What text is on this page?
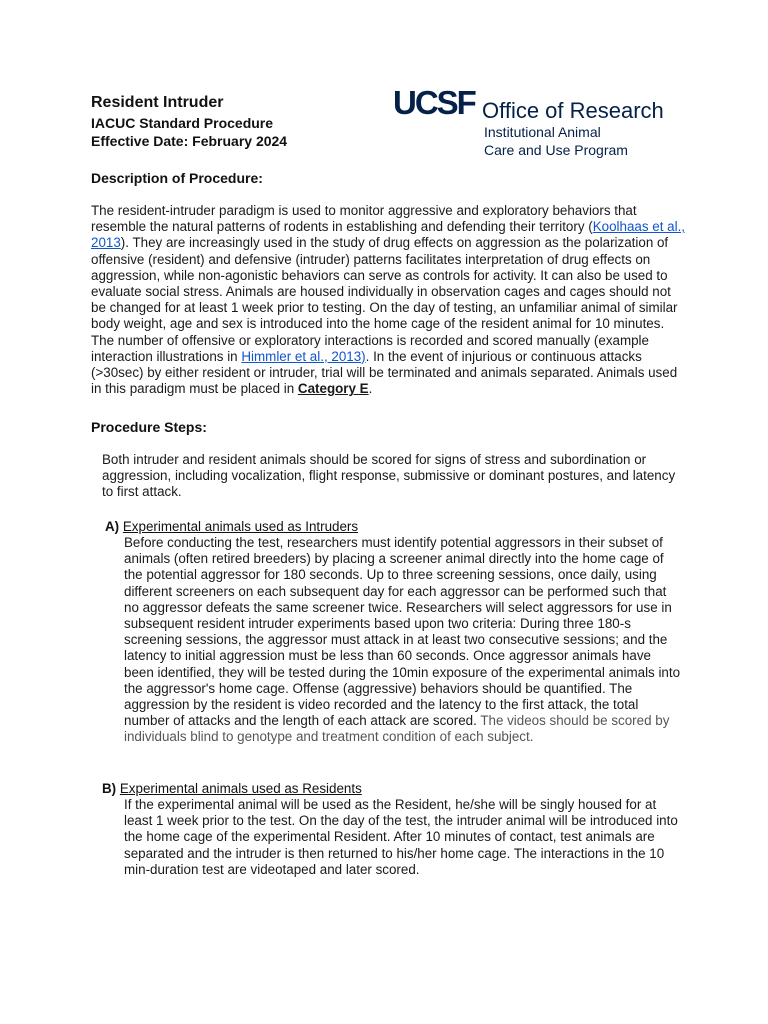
Resident Intruder
IACUC Standard Procedure
Effective Date: February 2024
UCSF Office of Research
Institutional Animal
Care and Use Program
Description of Procedure:
The resident-intruder paradigm is used to monitor aggressive and exploratory behaviors that resemble the natural patterns of rodents in establishing and defending their territory (Koolhaas et al., 2013). They are increasingly used in the study of drug effects on aggression as the polarization of offensive (resident) and defensive (intruder) patterns facilitates interpretation of drug effects on aggression, while non-agonistic behaviors can serve as controls for activity. It can also be used to evaluate social stress. Animals are housed individually in observation cages and cages should not be changed for at least 1 week prior to testing. On the day of testing, an unfamiliar animal of similar body weight, age and sex is introduced into the home cage of the resident animal for 10 minutes. The number of offensive or exploratory interactions is recorded and scored manually (example interaction illustrations in Himmler et al., 2013). In the event of injurious or continuous attacks (>30sec) by either resident or intruder, trial will be terminated and animals separated. Animals used in this paradigm must be placed in Category E.
Procedure Steps:
Both intruder and resident animals should be scored for signs of stress and subordination or aggression, including vocalization, flight response, submissive or dominant postures, and latency to first attack.
A) Experimental animals used as Intruders
Before conducting the test, researchers must identify potential aggressors in their subset of animals (often retired breeders) by placing a screener animal directly into the home cage of the potential aggressor for 180 seconds. Up to three screening sessions, once daily, using different screeners on each subsequent day for each aggressor can be performed such that no aggressor defeats the same screener twice. Researchers will select aggressors for use in subsequent resident intruder experiments based upon two criteria: During three 180-s screening sessions, the aggressor must attack in at least two consecutive sessions; and the latency to initial aggression must be less than 60 seconds. Once aggressor animals have been identified, they will be tested during the 10min exposure of the experimental animals into the aggressor's home cage. Offense (aggressive) behaviors should be quantified. The aggression by the resident is video recorded and the latency to the first attack, the total number of attacks and the length of each attack are scored. The videos should be scored by individuals blind to genotype and treatment condition of each subject.
B) Experimental animals used as Residents
If the experimental animal will be used as the Resident, he/she will be singly housed for at least 1 week prior to the test. On the day of the test, the intruder animal will be introduced into the home cage of the experimental Resident. After 10 minutes of contact, test animals are separated and the intruder is then returned to his/her home cage. The interactions in the 10 min-duration test are videotaped and later scored.
